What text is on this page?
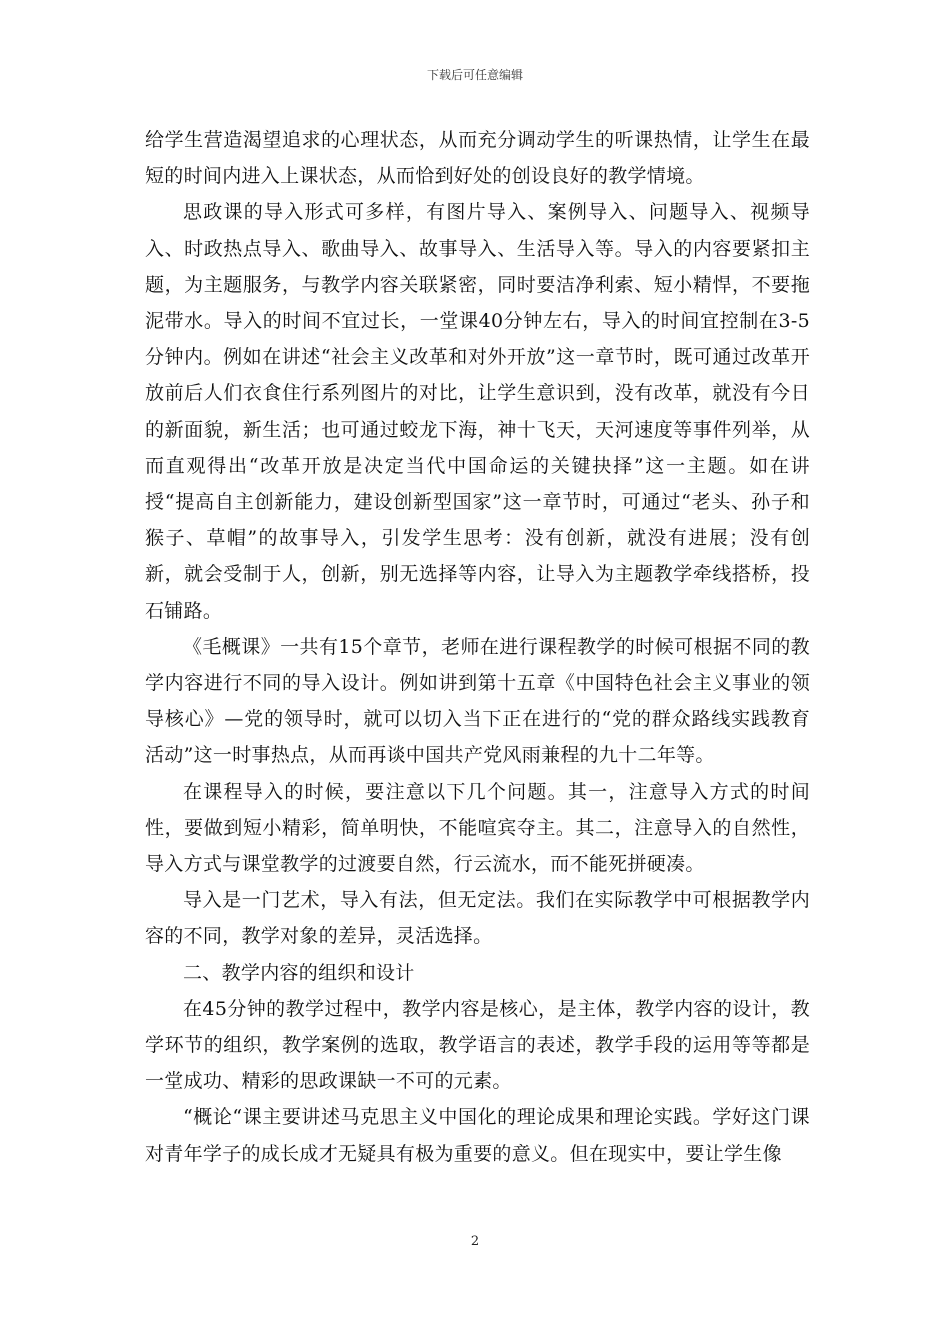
下载后可任意编辑

给学生营造渴望追求的心理状态，从而充分调动学生的听课热情，让学生在最短的时间内进入上课状态，从而恰到好处的创设良好的教学情境。

思政课的导入形式可多样，有图片导入、案例导入、问题导入、视频导入、时政热点导入、歌曲导入、故事导入、生活导入等。导入的内容要紧扣主题，为主题服务，与教学内容关联紧密，同时要洁净利索、短小精悍，不要拖泥带水。导入的时间不宜过长，一堂课40分钟左右，导入的时间宜控制在3-5分钟内。例如在讲述“社会主义改革和对外开放”这一章节时，既可通过改革开放前后人们衣食住行系列图片的对比，让学生意识到，没有改革，就没有今日的新面貌，新生活；也可通过蛟龙下海，神十飞天，天河速度等事件列举，从而直观得出“改革开放是决定当代中国命运的关键抉择”这一主题。如在讲授“提高自主创新能力，建设创新型国家”这一章节时，可通过“老头、孙子和猴子、草帽”的故事导入，引发学生思考：没有创新，就没有进展；没有创新，就会受制于人，创新，别无选择等内容，让导入为主题教学牵线搭桥，投石铺路。

《毛概课》一共有15个章节，老师在进行课程教学的时候可根据不同的教学内容进行不同的导入设计。例如讲到第十五章《中国特色社会主义事业的领导核心》—党的领导时，就可以切入当下正在进行的“党的群众路线实践教育活动”这一时事热点，从而再谈中国共产党风雨兼程的九十二年等。

在课程导入的时候，要注意以下几个问题。其一，注意导入方式的时间性，要做到短小精彩，简单明快，不能喧宾夺主。其二，注意导入的自然性，导入方式与课堂教学的过渡要自然，行云流水，而不能死拼硬凑。

导入是一门艺术，导入有法，但无定法。我们在实际教学中可根据教学内容的不同，教学对象的差异，灵活选择。

二、教学内容的组织和设计

在45分钟的教学过程中，教学内容是核心，是主体，教学内容的设计，教学环节的组织，教学案例的选取，教学语言的表述，教学手段的运用等等都是一堂成功、精彩的思政课缺一不可的元素。

“概论“课主要讲述马克思主义中国化的理论成果和理论实践。学好这门课对青年学子的成长成才无疑具有极为重要的意义。但在现实中，要让学生像

2
